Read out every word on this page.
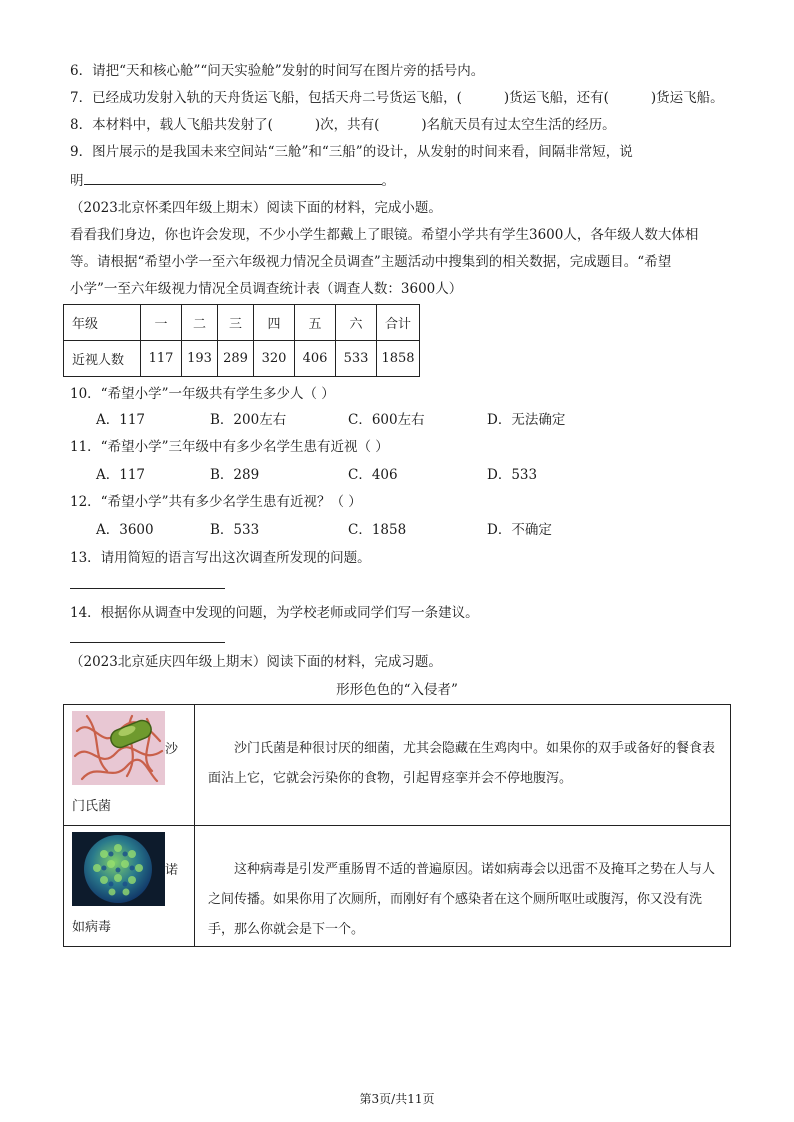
6．请把“天和核心舱”“问天实验舱”发射的时间写在图片旁的括号内。
7．已经成功发射入轨的天舟货运飞船，包括天舟二号货运飞船，(	)货运飞船，还有(	)货运飞船。
8．本材料中，载人飞船共发射了(	)次，共有(	)名航天员有过太空生活的经历。
9．图片展示的是我国未来空间站“三舱”和“三船”的设计，从发射的时间来看，间隔非常短，说
明	。
（2023北京怀柔四年级上期末）阅读下面的材料，完成小题。
看看我们身边，你也许会发现，不少小学生都戴上了眼镜。希望小学共有学生3600人，各年级人数大体相
等。请根据“希望小学一至六年级视力情况全员调查”主题活动中搜集到的相关数据，完成题目。“希望
小学”一至六年级视力情况全员调查统计表（调查人数：3600人）
年级	一	二	三	四	五	六	合计
近视人数	117	193	289	320	406	533	1858
10．“希望小学”一年级共有学生多少人（ ）
A．117	B．200左右	C．600左右	D．无法确定
11．“希望小学”三年级中有多少名学生患有近视（ ）
A．117	B．289	C．406	D．533
12．“希望小学”共有多少名学生患有近视？（ ）
A．3600	B．533	C．1858	D．不确定
13．请用简短的语言写出这次调查所发现的问题。
14．根据你从调查中发现的问题，为学校老师或同学们写一条建议。
（2023北京延庆四年级上期末）阅读下面的材料，完成习题。
形形色色的“入侵者”
沙
门氏菌	沙门氏菌是种很讨厌的细菌，尤其会隐藏在生鸡肉中。如果你的双手或备好的餐食表面沾上它，它就会污染你的食物，引起胃痉挛并会不停地腹泻。

诺
如病毒	这种病毒是引发严重肠胃不适的普遍原因。诺如病毒会以迅雷不及掩耳之势在人与人之间传播。如果你用了次厕所，而刚好有个感染者在这个厕所呕吐或腹泻，你又没有洗手，那么你就会是下一个。
第3页/共11页
